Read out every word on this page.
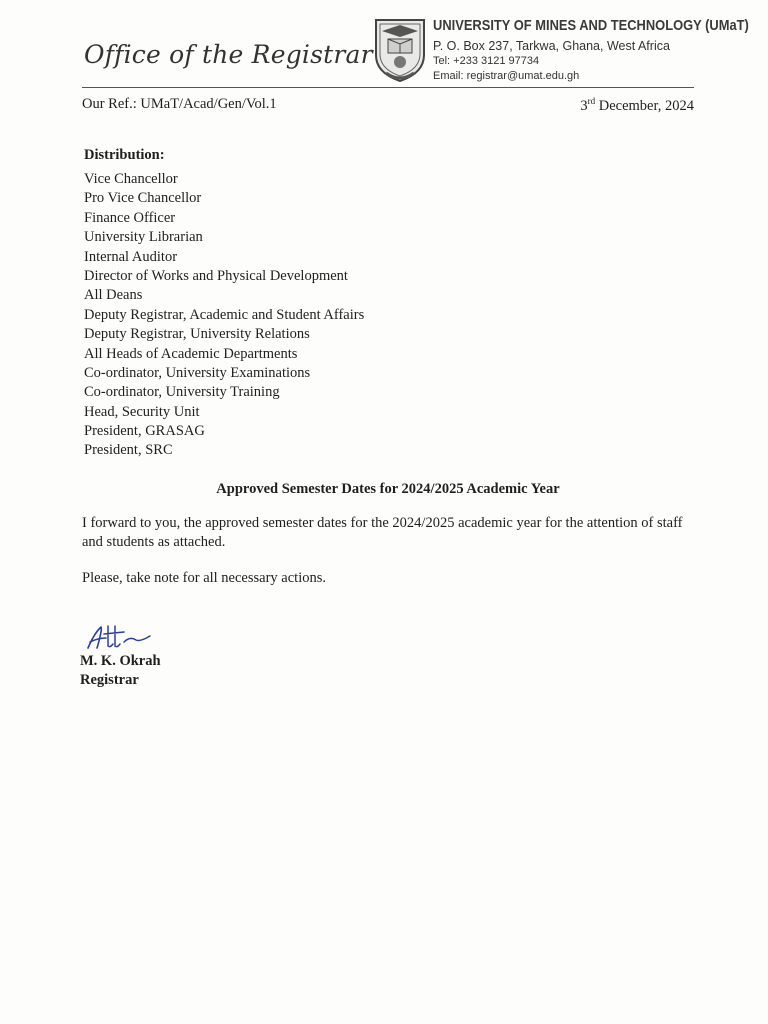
Office of the Registrar
UNIVERSITY OF MINES AND TECHNOLOGY (UMaT)
P. O. Box 237, Tarkwa, Ghana, West Africa
Tel: +233 3121 97734
Email: registrar@umat.edu.gh
Our Ref.: UMaT/Acad/Gen/Vol.1	3rd December, 2024
Distribution:
Vice Chancellor
Pro Vice Chancellor
Finance Officer
University Librarian
Internal Auditor
Director of Works and Physical Development
All Deans
Deputy Registrar, Academic and Student Affairs
Deputy Registrar, University Relations
All Heads of Academic Departments
Co-ordinator, University Examinations
Co-ordinator, University Training
Head, Security Unit
President, GRASAG
President, SRC
Approved Semester Dates for 2024/2025 Academic Year
I forward to you, the approved semester dates for the 2024/2025 academic year for the attention of staff and students as attached.
Please, take note for all necessary actions.
M. K. Okrah
Registrar
